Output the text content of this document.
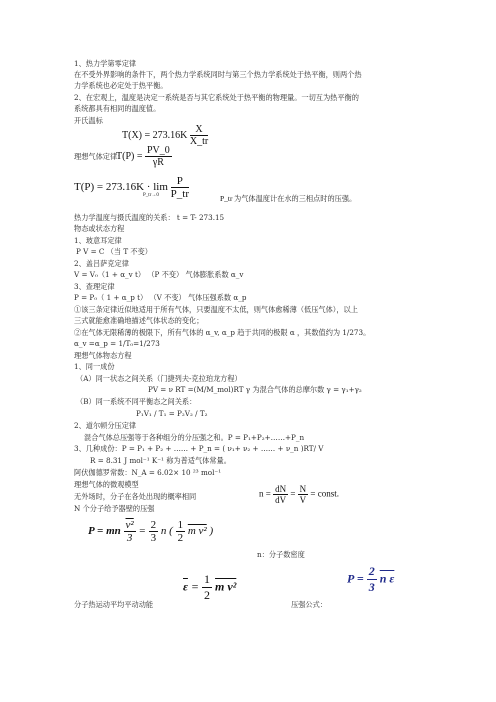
1、热力学第零定律
在不受外界影响的条件下，两个热力学系统同时与第三个热力学系统处于热平衡，则两个热
力学系统也必定处于热平衡。
2、在宏观上，温度是决定一系统是否与其它系统处于热平衡的物理量。一切互为热平衡的
系统都具有相同的温度值。
开氏温标
$T(X) = 273.16K \frac{X}{X\_tr}$
理想气体定律：
$T(P) = \frac{PV\_0}{\gamma R}$
$T(P) = 273.16K \cdot \lim \frac{P}{P\_tr}$
P_tr→0	P_tr 为气体温度计在水的三相点时的压强。
热力学温度与摄氏温度的关系： t = T- 273.15
物态或状态方程
1、玻意耳定律
P V = C （当 T 不变）
2、盖吕萨克定律
V = V₀（1 + α_v t） （P 不变） 气体膨胀系数 α_v
3、查理定律
P = P₀（ 1 + α_p t） （V 不变） 气体压强系数 α_p
①该三条定律近似地适用于所有气体，只要温度不太低，则气体愈稀薄（低压气体），以上
三式就能愈准确地描述气体状态的变化；
②在气体无限稀薄的极限下，所有气体的 α_v, α_p 趋于共同的极限 α ，其数值约为 1/273。
α_v =α_p = 1/T₀=1/273
理想气体物态方程
1、同一成份
（A）同一状态之间关系（门捷列夫-克拉珀龙方程）
PV = ν RT =(M/M_mol)RT γ 为混合气体的总摩尔数 γ = γ₁+γ₂
（B）同一系统不同平衡态之间关系：
P₁V₁ / T₁ = P₂V₂ / T₂
2、道尔顿分压定律
混合气体总压强等于各种组分的分压强之和。P = P₁+P₂+……+P_n
3、几种成份：P = P₁ + P₂ + …… + P_n = ( ν₁+ ν₂ + …… + ν_n )RT/ V
R = 8.31 J mol⁻¹ K⁻¹ 称为普适气体常量。
阿伏伽德罗常数：N_A = 6.02× 10 ²³ mol⁻¹
理想气体的微观模型
无外场时，分子在各处出现的概率相同	$n = \frac{dN}{dV} = \frac{N}{V}$ = const.
N 个分子给予器壁的压强
P = mn $\frac{\text{v²}}{3} = \frac{2}{3}$ n ( $\frac{1}{2}$ m v² )
n：分子数密度
$\overline{\varepsilon} = \frac{1}{2}$ m v²
$P = \frac{2}{3}$ n ε
分子热运动平均平动动能	压强公式：
